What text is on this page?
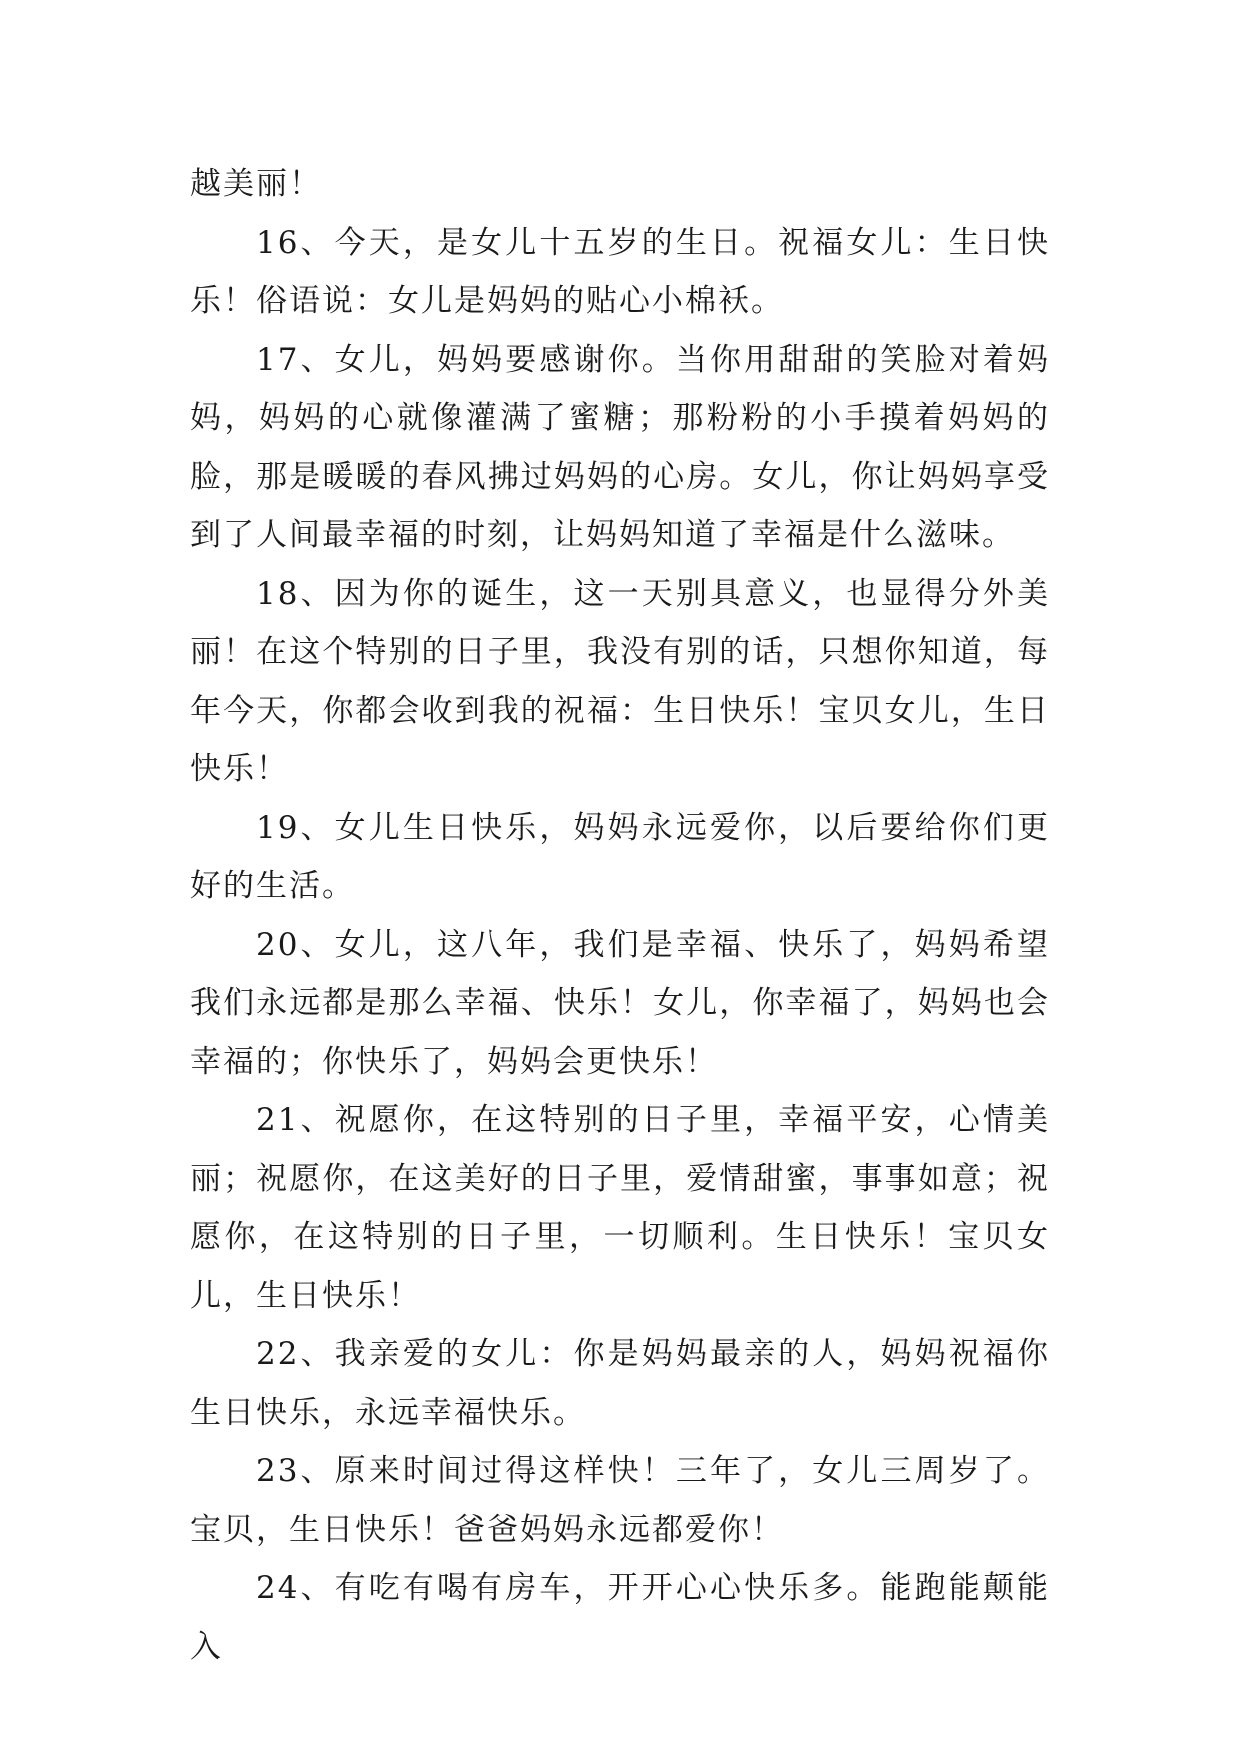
越美丽！

16、今天，是女儿十五岁的生日。祝福女儿：生日快乐！俗语说：女儿是妈妈的贴心小棉袄。

17、女儿，妈妈要感谢你。当你用甜甜的笑脸对着妈妈，妈妈的心就像灌满了蜜糖；那粉粉的小手摸着妈妈的脸，那是暖暖的春风拂过妈妈的心房。女儿，你让妈妈享受到了人间最幸福的时刻，让妈妈知道了幸福是什么滋味。

18、因为你的诞生，这一天别具意义，也显得分外美丽！在这个特别的日子里，我没有别的话，只想你知道，每年今天，你都会收到我的祝福：生日快乐！宝贝女儿，生日快乐！

19、女儿生日快乐，妈妈永远爱你，以后要给你们更好的生活。

20、女儿，这八年，我们是幸福、快乐了，妈妈希望我们永远都是那么幸福、快乐！女儿，你幸福了，妈妈也会幸福的；你快乐了，妈妈会更快乐！

21、祝愿你，在这特别的日子里，幸福平安，心情美丽；祝愿你，在这美好的日子里，爱情甜蜜，事事如意；祝愿你，在这特别的日子里，一切顺利。生日快乐！宝贝女儿，生日快乐！

22、我亲爱的女儿：你是妈妈最亲的人，妈妈祝福你生日快乐，永远幸福快乐。

23、原来时间过得这样快！三年了，女儿三周岁了。宝贝，生日快乐！爸爸妈妈永远都爱你！

24、有吃有喝有房车，开开心心快乐多。能跑能颠能入
